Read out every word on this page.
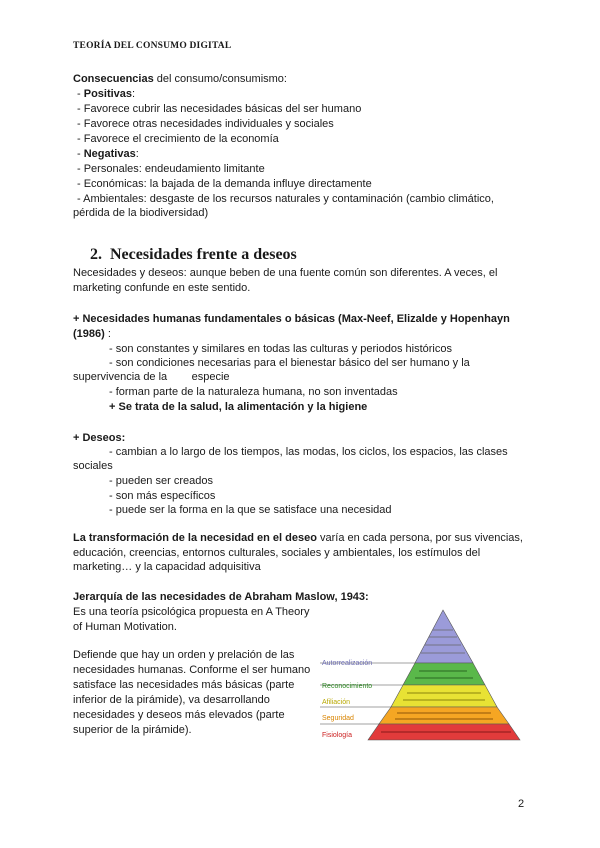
TEORÍA DEL CONSUMO DIGITAL
Consecuencias del consumo/consumismo:
- Positivas:
- Favorece cubrir las necesidades básicas del ser humano
- Favorece otras necesidades individuales y sociales
- Favorece el crecimiento de la economía
- Negativas:
- Personales: endeudamiento limitante
- Económicas: la bajada de la demanda influye directamente
- Ambientales: desgaste de los recursos naturales y contaminación (cambio climático,
pérdida de la biodiversidad)
2. Necesidades frente a deseos
Necesidades y deseos: aunque beben de una fuente común son diferentes. A veces, el
marketing confunde en este sentido.
+ Necesidades humanas fundamentales o básicas (Max-Neef, Elizalde y Hopenhayn
(1986) :
- son constantes y similares en todas las culturas y periodos históricos
- son condiciones necesarias para el bienestar básico del ser humano y la
supervivencia de la        especie
- forman parte de la naturaleza humana, no son inventadas
+ Se trata de la salud, la alimentación y la higiene
+ Deseos:
- cambian a lo largo de los tiempos, las modas, los ciclos, los espacios, las clases
sociales
- pueden ser creados
- son más específicos
- puede ser la forma en la que se satisface una necesidad
La transformación de la necesidad en el deseo varía en cada persona, por sus vivencias,
educación, creencias, entornos culturales, sociales y ambientales, los estímulos del
marketing… y la capacidad adquisitiva
Jerarquía de las necesidades de Abraham Maslow, 1943:
Es una teoría psicológica propuesta en A Theory
of Human Motivation.
Defiende que hay un orden y prelación de las
necesidades humanas. Conforme el ser humano
satisface las necesidades más básicas (parte
inferior de la pirámide), va desarrollando
necesidades y deseos más elevados (parte
superior de la pirámide).
Autorrealización
Reconocimiento
Afiliación
Seguridad
Fisiología
2
